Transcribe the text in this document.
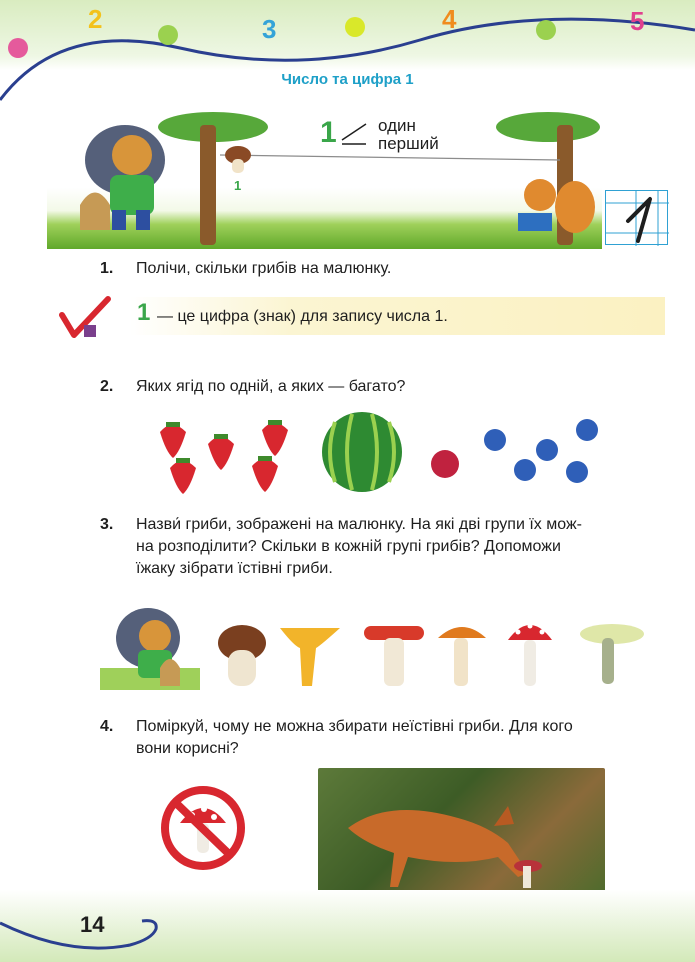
2	3	4	5
Число та цифра 1
1 один
перший
1
1. Полічи, скільки грибів на малюнку.
1 — це цифра (знак) для запису числа 1.
2. Яких ягід по одній, а яких — багато?
3. Назви́ гриби, зображені на малюнку. На які дві групи їх мож-
на розподілити? Скільки в кожній групі грибів? Допоможи
їжаку зібрати їстівні гриби.
4. Поміркуй, чому не можна збирати неїстівні гриби. Для кого
вони корисні?
14
